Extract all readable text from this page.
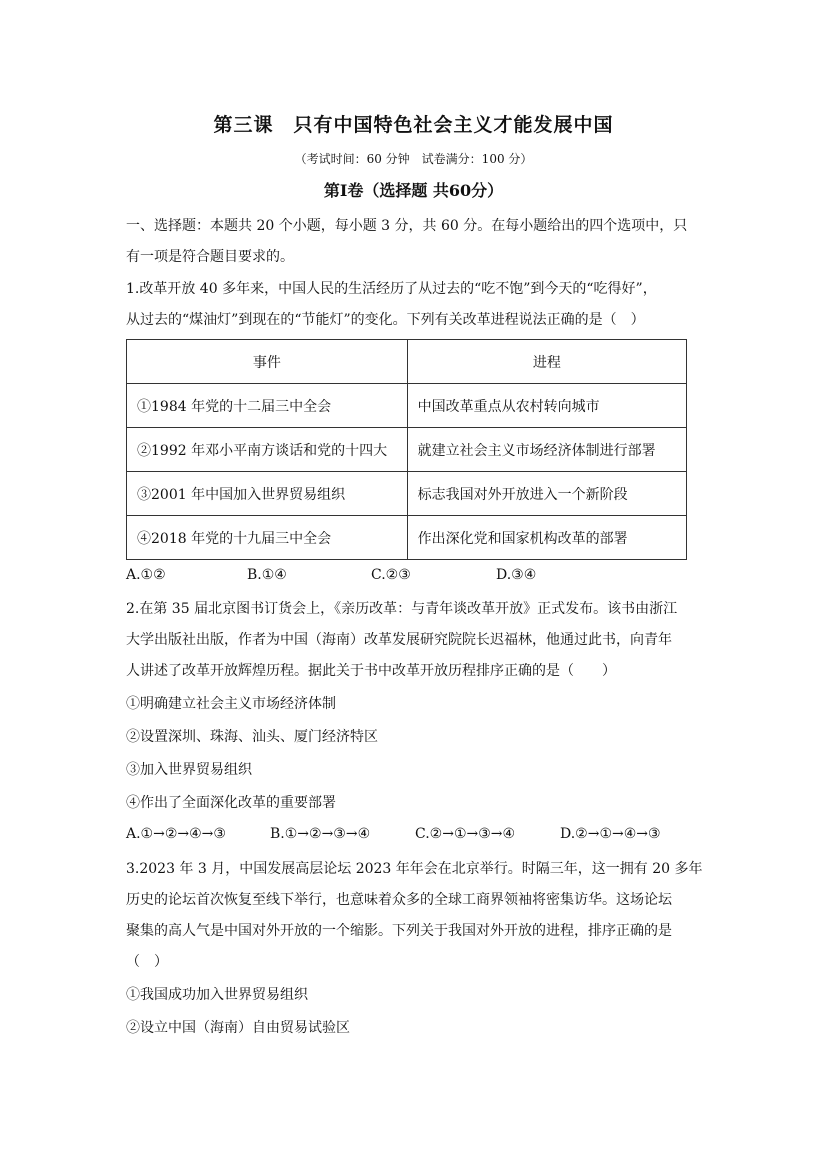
第三课　只有中国特色社会主义才能发展中国
（考试时间：60 分钟　试卷满分：100 分）
第I卷（选择题 共60分）
一、选择题：本题共 20 个小题，每小题 3 分，共 60 分。在每小题给出的四个选项中，只
有一项是符合题目要求的。
1.改革开放 40 多年来，中国人民的生活经历了从过去的“吃不饱”到今天的“吃得好”，
从过去的“煤油灯”到现在的“节能灯”的变化。下列有关改革进程说法正确的是（　）
事件	进程
①1984 年党的十二届三中全会	中国改革重点从农村转向城市
②1992 年邓小平南方谈话和党的十四大	就建立社会主义市场经济体制进行部署
③2001 年中国加入世界贸易组织	标志我国对外开放进入一个新阶段
④2018 年党的十九届三中全会	作出深化党和国家机构改革的部署
A.①②	B.①④	C.②③	D.③④
2.在第 35 届北京图书订货会上，《亲历改革：与青年谈改革开放》正式发布。该书由浙江
大学出版社出版，作者为中国（海南）改革发展研究院院长迟福林，他通过此书，向青年
人讲述了改革开放辉煌历程。据此关于书中改革开放历程排序正确的是（　　）
①明确建立社会主义市场经济体制
②设置深圳、珠海、汕头、厦门经济特区
③加入世界贸易组织
④作出了全面深化改革的重要部署
A.①→②→④→③	B.①→②→③→④	C.②→①→③→④	D.②→①→④→③
3.2023 年 3 月，中国发展高层论坛 2023 年年会在北京举行。时隔三年，这一拥有 20 多年
历史的论坛首次恢复至线下举行，也意味着众多的全球工商界领袖将密集访华。这场论坛
聚集的高人气是中国对外开放的一个缩影。下列关于我国对外开放的进程，排序正确的是
（　）
①我国成功加入世界贸易组织
②设立中国（海南）自由贸易试验区
